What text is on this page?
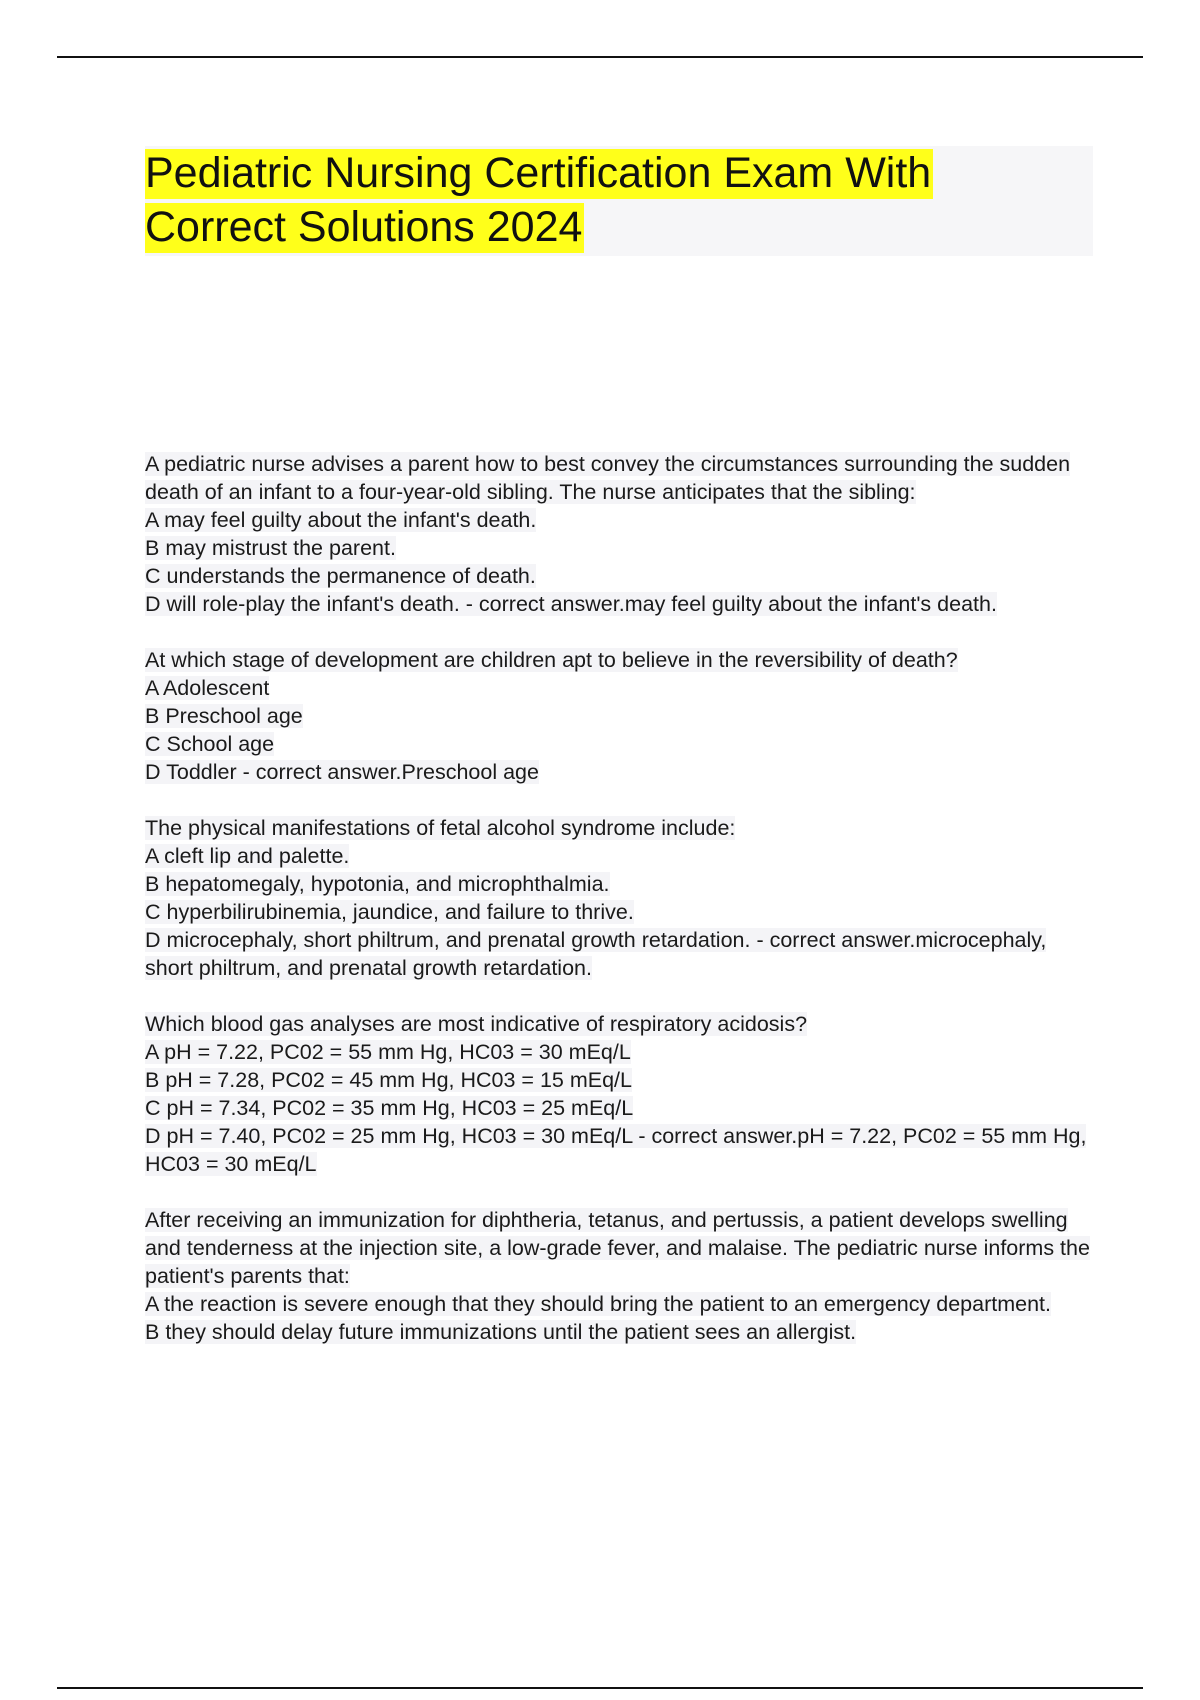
Pediatric Nursing Certification Exam With
Correct Solutions 2024
A pediatric nurse advises a parent how to best convey the circumstances surrounding the sudden death of an infant to a four-year-old sibling. The nurse anticipates that the sibling:
A may feel guilty about the infant's death.
B may mistrust the parent.
C understands the permanence of death.
D will role-play the infant's death. - correct answer.may feel guilty about the infant's death.
At which stage of development are children apt to believe in the reversibility of death?
A Adolescent
B Preschool age
C School age
D Toddler - correct answer.Preschool age
The physical manifestations of fetal alcohol syndrome include:
A cleft lip and palette.
B hepatomegaly, hypotonia, and microphthalmia.
C hyperbilirubinemia, jaundice, and failure to thrive.
D microcephaly, short philtrum, and prenatal growth retardation. - correct answer.microcephaly, short philtrum, and prenatal growth retardation.
Which blood gas analyses are most indicative of respiratory acidosis?
A pH = 7.22, PC02 = 55 mm Hg, HC03 = 30 mEq/L
B pH = 7.28, PC02 = 45 mm Hg, HC03 = 15 mEq/L
C pH = 7.34, PC02 = 35 mm Hg, HC03 = 25 mEq/L
D pH = 7.40, PC02 = 25 mm Hg, HC03 = 30 mEq/L - correct answer.pH = 7.22, PC02 = 55 mm Hg, HC03 = 30 mEq/L
After receiving an immunization for diphtheria, tetanus, and pertussis, a patient develops swelling and tenderness at the injection site, a low-grade fever, and malaise. The pediatric nurse informs the patient's parents that:
A the reaction is severe enough that they should bring the patient to an emergency department.
B they should delay future immunizations until the patient sees an allergist.
